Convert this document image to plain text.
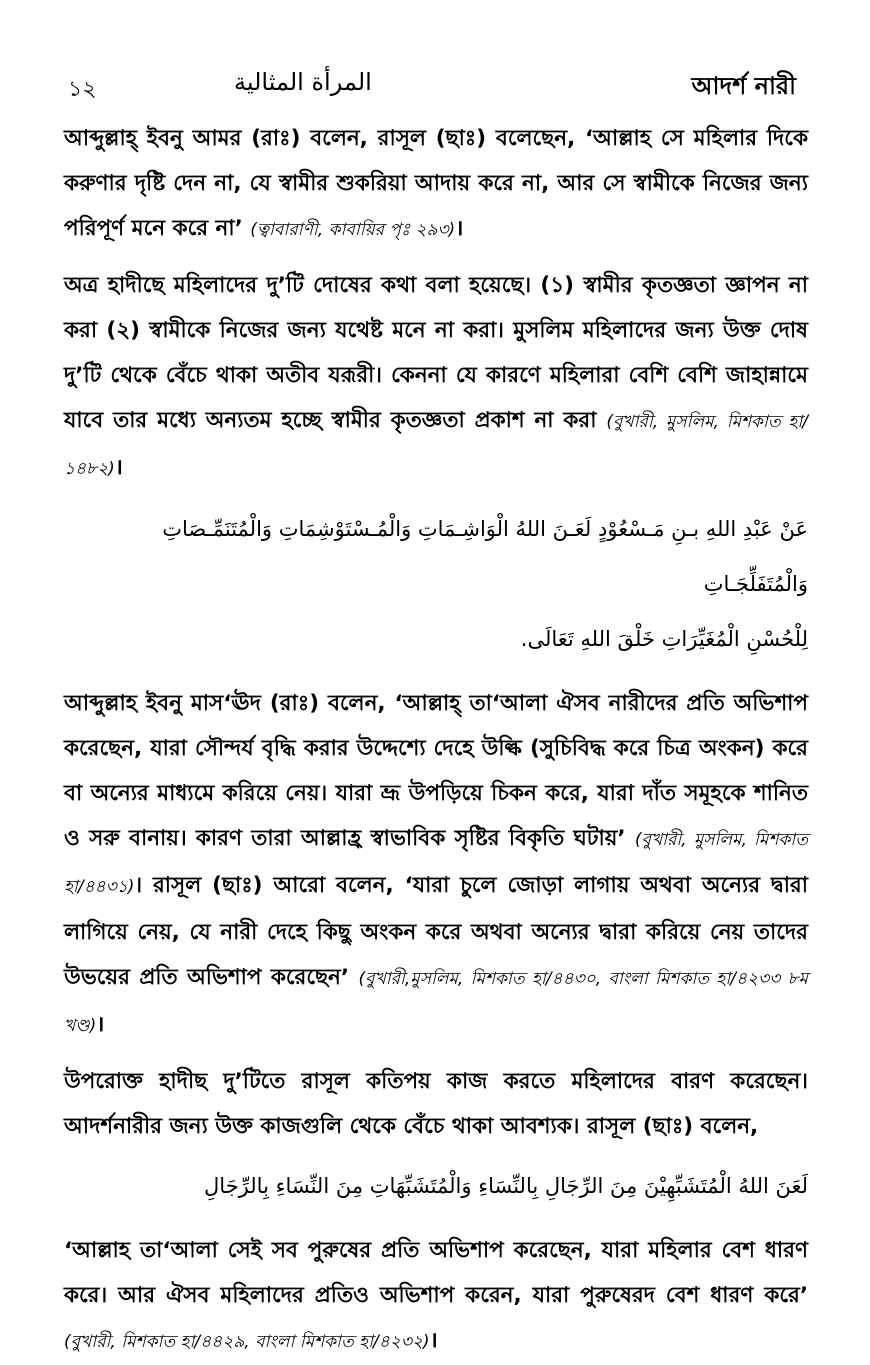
১২	المرأة المثالية	আদর্শ নারী

আব্দুল্লাহ্ ইবনু আমর (রাঃ) বলেন, রাসূল (ছাঃ) বলেছেন, ‘আল্লাহ সে মহিলার দিকে করুণার দৃষ্টি দেন না, যে স্বামীর শুকরিয়া আদায় করে না, আর সে স্বামীকে নিজের জন্য পরিপূর্ণ মনে করে না’ (ত্বাবারাণী, কাবায়ির পৃঃ ২৯৩)।

অত্র হাদীছে মহিলাদের দু’টি দোষের কথা বলা হয়েছে। (১) স্বামীর কৃতজ্ঞতা জ্ঞাপন না করা (২) স্বামীকে নিজের জন্য যথেষ্ট মনে না করা। মুসলিম মহিলাদের জন্য উক্ত দোষ দু’টি থেকে বেঁচে থাকা অতীব যরূরী। কেননা যে কারণে মহিলারা বেশি বেশি জাহান্নামে যাবে তার মধ্যে অন্যতম হচ্ছে স্বামীর কৃতজ্ঞতা প্রকাশ না করা (বুখারী, মুসলিম, মিশকাত হা/১৪৮২)।

عَنْ عَبْدِ اللهِ بـنِ مَـسْعُوْدٍ لَعَـنَ اللهُ الْوَاشِـمَاتِ وَالْمُـسْتَوْشِمَاتِ وَالْمُتَنَمِّـصَاتِ وَالْمُتَفَلِّجَـاتِ
لِلْحُسْنِ الْمُغَيِّرَاتِ خَلْقَ اللهِ تَعَالَى.

আব্দুল্লাহ ইবনু মাস‘ঊদ (রাঃ) বলেন, ‘আল্লাহ্ তা‘আলা ঐসব নারীদের প্রতি অভিশাপ করেছেন, যারা সৌন্দর্য বৃদ্ধি করার উদ্দেশ্যে দেহে উল্কি (সুচিবিদ্ধ করে চিত্র অংকন) করে বা অন্যের মাধ্যমে করিয়ে নেয়। যারা ভ্রূ উপড়িয়ে চিকন করে, যারা দাঁত সমূহকে শানিত ও সরু বানায়। কারণ তারা আল্লাহ্র স্বাভাবিক সৃষ্টির বিকৃতি ঘটায়’ (বুখারী, মুসলিম, মিশকাত হা/৪৪৩১)। রাসূল (ছাঃ) আরো বলেন, ‘যারা চুলে জোড়া লাগায় অথবা অন্যের দ্বারা লাগিয়ে নেয়, যে নারী দেহে কিছু অংকন করে অথবা অন্যের দ্বারা করিয়ে নেয় তাদের উভয়ের প্রতি অভিশাপ করেছেন’ (বুখারী,মুসলিম, মিশকাত হা/৪৪৩০, বাংলা মিশকাত হা/৪২৩৩ ৮ম খণ্ড)।

উপরোক্ত হাদীছ দু’টিতে রাসূল কতিপয় কাজ করতে মহিলাদের বারণ করেছেন। আদর্শনারীর জন্য উক্ত কাজগুলি থেকে বেঁচে থাকা আবশ্যক। রাসূল (ছাঃ) বলেন,

لَعَنَ اللهُ الْمُتَشَبِّهِيْنَ مِنَ الرِّجَالِ بِالنِّسَاءِ وَالْمُتَشَبِّهَاتِ مِنَ النِّسَاءِ بِالرِّجَالِ

‘আল্লাহ তা‘আলা সেই সব পুরুষের প্রতি অভিশাপ করেছেন, যারা মহিলার বেশ ধারণ করে। আর ঐসব মহিলাদের প্রতিও অভিশাপ করেন, যারা পুরুষেরদ বেশ ধারণ করে’ (বুখারী, মিশকাত হা/৪৪২৯, বাংলা মিশকাত হা/৪২৩২)।
